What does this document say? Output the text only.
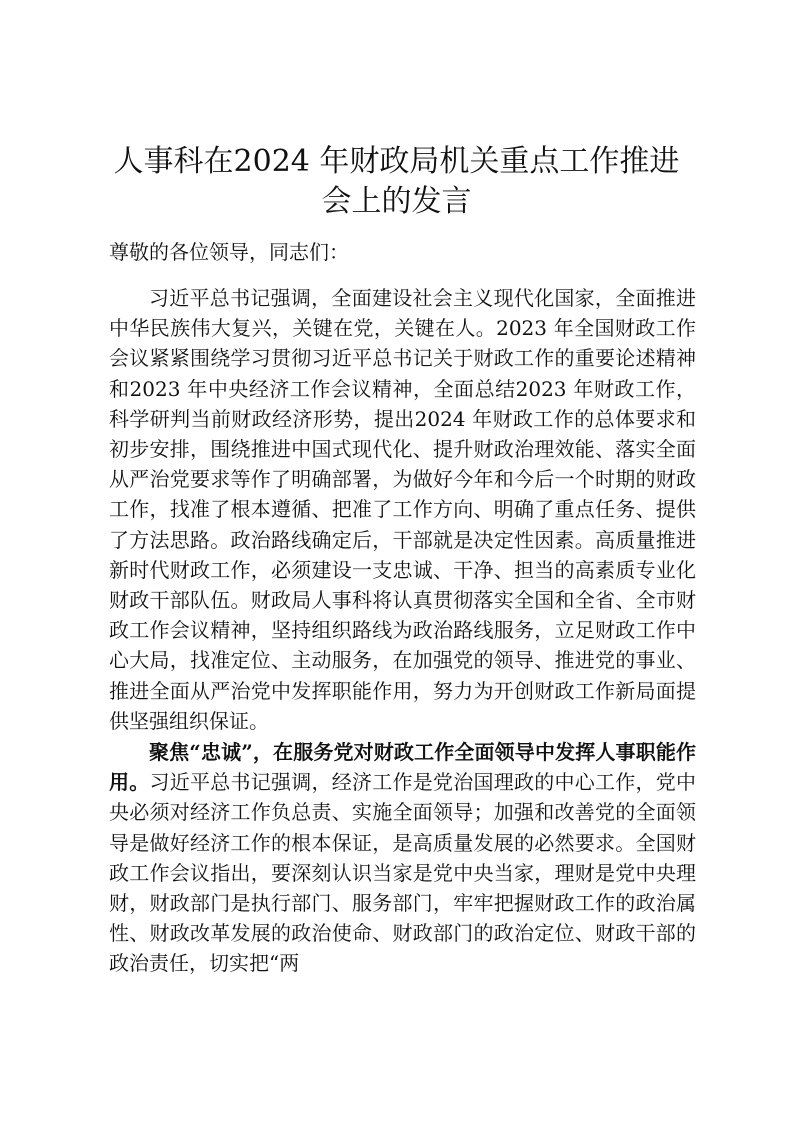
人事科在2024 年财政局机关重点工作推进会上的发言

尊敬的各位领导，同志们：

习近平总书记强调，全面建设社会主义现代化国家，全面推进中华民族伟大复兴，关键在党，关键在人。2023 年全国财政工作会议紧紧围绕学习贯彻习近平总书记关于财政工作的重要论述精神和2023 年中央经济工作会议精神，全面总结2023 年财政工作，科学研判当前财政经济形势，提出2024 年财政工作的总体要求和初步安排，围绕推进中国式现代化、提升财政治理效能、落实全面从严治党要求等作了明确部署，为做好今年和今后一个时期的财政工作，找准了根本遵循、把准了工作方向、明确了重点任务、提供了方法思路。政治路线确定后，干部就是决定性因素。高质量推进新时代财政工作，必须建设一支忠诚、干净、担当的高素质专业化财政干部队伍。财政局人事科将认真贯彻落实全国和全省、全市财政工作会议精神，坚持组织路线为政治路线服务，立足财政工作中心大局，找准定位、主动服务，在加强党的领导、推进党的事业、推进全面从严治党中发挥职能作用，努力为开创财政工作新局面提供坚强组织保证。

聚焦“忠诚”，在服务党对财政工作全面领导中发挥人事职能作用。习近平总书记强调，经济工作是党治国理政的中心工作，党中央必须对经济工作负总责、实施全面领导；加强和改善党的全面领导是做好经济工作的根本保证，是高质量发展的必然要求。全国财政工作会议指出，要深刻认识当家是党中央当家，理财是党中央理财，财政部门是执行部门、服务部门，牢牢把握财政工作的政治属性、财政改革发展的政治使命、财政部门的政治定位、财政干部的政治责任，切实把“两
